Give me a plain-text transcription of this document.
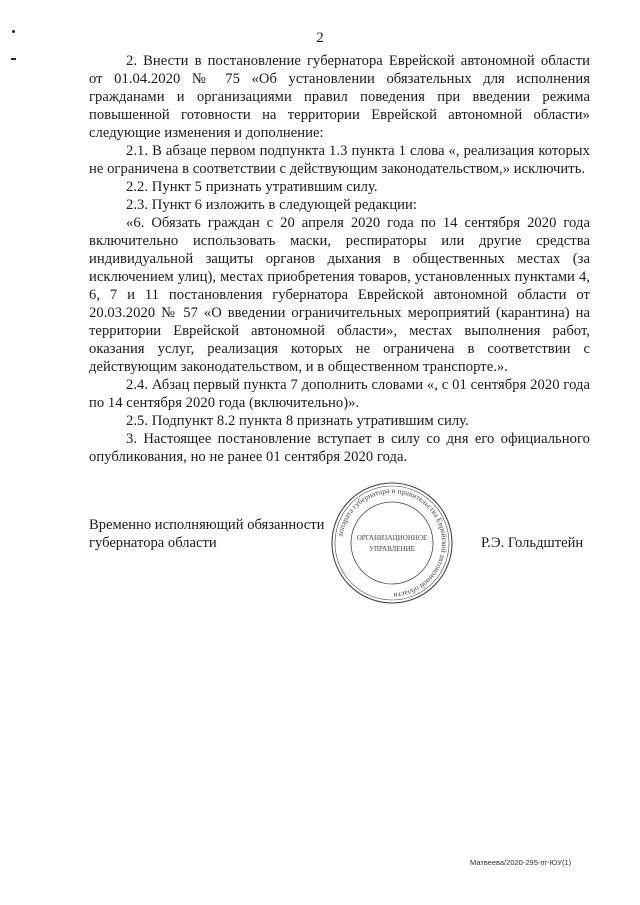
2

2. Внести в постановление губернатора Еврейской автономной области от 01.04.2020 № 75 «Об установлении обязательных для исполнения гражданами и организациями правил поведения при введении режима повышенной готовности на территории Еврейской автономной области» следующие изменения и дополнение:

2.1. В абзаце первом подпункта 1.3 пункта 1 слова «, реализация которых не ограничена в соответствии с действующим законодательством,» исключить.

2.2. Пункт 5 признать утратившим силу.

2.3. Пункт 6 изложить в следующей редакции:

«6. Обязать граждан с 20 апреля 2020 года по 14 сентября 2020 года включительно использовать маски, респираторы или другие средства индивидуальной защиты органов дыхания в общественных местах (за исключением улиц), местах приобретения товаров, установленных пунктами 4, 6, 7 и 11 постановления губернатора Еврейской автономной области от 20.03.2020 № 57 «О введении ограничительных мероприятий (карантина) на территории Еврейской автономной области», местах выполнения работ, оказания услуг, реализация которых не ограничена в соответствии с действующим законодательством, и в общественном транспорте.».

2.4. Абзац первый пункта 7 дополнить словами «, с 01 сентября 2020 года по 14 сентября 2020 года (включительно)».

2.5. Подпункт 8.2 пункта 8 признать утратившим силу.

3. Настоящее постановление вступает в силу со дня его официального опубликования, но не ранее 01 сентября 2020 года.

Временно исполняющий обязанности
губернатора области
аппарата губернатора и правительства Еврейской автономной области
ОРГАНИЗАЦИОННОЕ
УПРАВЛЕНИЕ	Р.Э. Гольдштейн
Матвеева/2020-295-пг-ЮУ(1)
